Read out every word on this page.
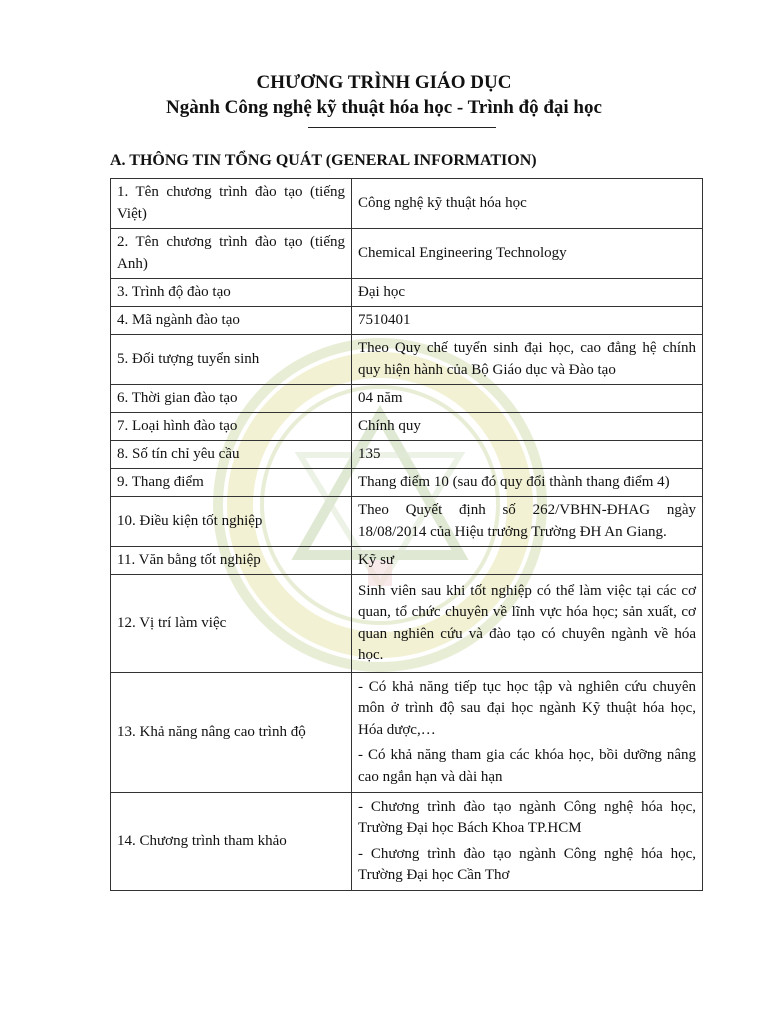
CHƯƠNG TRÌNH GIÁO DỤC
Ngành Công nghệ kỹ thuật hóa học - Trình độ đại học
A. THÔNG TIN TỔNG QUÁT (GENERAL INFORMATION)
1. Tên chương trình đào tạo (tiếng Việt)	Công nghệ kỹ thuật hóa học
2. Tên chương trình đào tạo (tiếng Anh)	Chemical Engineering Technology
3. Trình độ đào tạo	Đại học
4. Mã ngành đào tạo	7510401
5. Đối tượng tuyển sinh	Theo Quy chế tuyển sinh đại học, cao đẳng hệ chính quy hiện hành của Bộ Giáo dục và Đào tạo
6. Thời gian đào tạo	04 năm
7. Loại hình đào tạo	Chính quy
8. Số tín chỉ yêu cầu	135
9. Thang điểm	Thang điểm 10 (sau đó quy đổi thành thang điểm 4)
10. Điều kiện tốt nghiệp	Theo Quyết định số 262/VBHN-ĐHAG ngày 18/08/2014 của Hiệu trưởng Trường ĐH An Giang.
11. Văn bằng tốt nghiệp	Kỹ sư
12. Vị trí làm việc	Sinh viên sau khi tốt nghiệp có thể làm việc tại các cơ quan, tổ chức chuyên về lĩnh vực hóa học; sản xuất, cơ quan nghiên cứu và đào tạo có chuyên ngành về hóa học.
13. Khả năng nâng cao trình độ	- Có khả năng tiếp tục học tập và nghiên cứu chuyên môn ở trình độ sau đại học ngành Kỹ thuật hóa học, Hóa dược,…
- Có khả năng tham gia các khóa học, bồi dưỡng nâng cao ngắn hạn và dài hạn

14. Chương trình tham khảo	- Chương trình đào tạo ngành Công nghệ hóa học, Trường Đại học Bách Khoa TP.HCM
- Chương trình đào tạo ngành Công nghệ hóa học, Trường Đại học Cần Thơ
